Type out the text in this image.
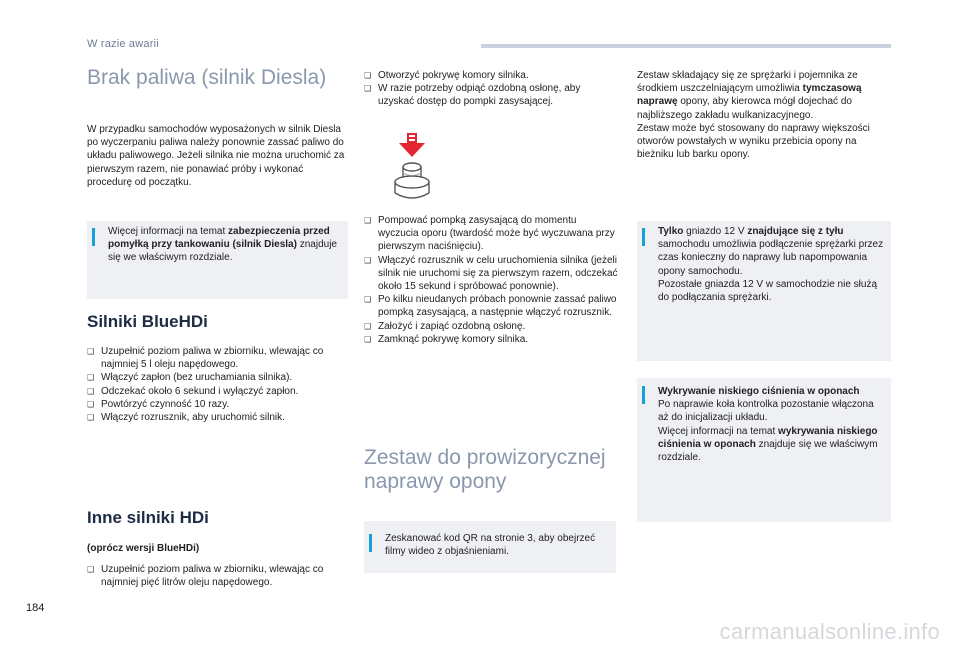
W razie awarii
Brak paliwa (silnik Diesla)
W przypadku samochodów wyposażonych w silnik Diesla po wyczerpaniu paliwa należy ponownie zassać paliwo do układu paliwowego. Jeżeli silnika nie można uruchomić za pierwszym razem, nie ponawiać próby i wykonać procedurę od początku.
Więcej informacji na temat zabezpieczenia przed pomyłką przy tankowaniu (silnik Diesla) znajduje się we właściwym rozdziale.
Silniki BlueHDi
❑ Uzupełnić poziom paliwa w zbiorniku, wlewając co najmniej 5 l oleju napędowego.
❑ Włączyć zapłon (bez uruchamiania silnika).
❑ Odczekać około 6 sekund i wyłączyć zapłon.
❑ Powtórzyć czynność 10 razy.
❑ Włączyć rozrusznik, aby uruchomić silnik.
Inne silniki HDi
(oprócz wersji BlueHDi)
❑ Uzupełnić poziom paliwa w zbiorniku, wlewając co najmniej pięć litrów oleju napędowego.
❑ Otworzyć pokrywę komory silnika.
❑ W razie potrzeby odpiąć ozdobną osłonę, aby uzyskać dostęp do pompki zasysającej.
❑ Pompować pompką zasysającą do momentu wyczucia oporu (twardość może być wyczuwana przy pierwszym naciśnięciu).
❑ Włączyć rozrusznik w celu uruchomienia silnika (jeżeli silnik nie uruchomi się za pierwszym razem, odczekać około 15 sekund i spróbować ponownie).
❑ Po kilku nieudanych próbach ponownie zassać paliwo pompką zasysającą, a następnie włączyć rozrusznik.
❑ Założyć i zapiąć ozdobną osłonę.
❑ Zamknąć pokrywę komory silnika.
Zestaw do prowizorycznej naprawy opony
Zeskanować kod QR na stronie 3, aby obejrzeć filmy wideo z objaśnieniami.
Zestaw składający się ze sprężarki i pojemnika ze środkiem uszczelniającym umożliwia tymczasową naprawę opony, aby kierowca mógł dojechać do najbliższego zakładu wulkanizacyjnego.
Zestaw może być stosowany do naprawy większości otworów powstałych w wyniku przebicia opony na bieżniku lub barku opony.
Tylko gniazdo 12 V znajdujące się z tyłu samochodu umożliwia podłączenie sprężarki przez czas konieczny do naprawy lub napompowania opony samochodu.
Pozostałe gniazda 12 V w samochodzie nie służą do podłączania sprężarki.
Wykrywanie niskiego ciśnienia w oponach
Po naprawie koła kontrolka pozostanie włączona aż do inicjalizacji układu.
Więcej informacji na temat wykrywania niskiego ciśnienia w oponach znajduje się we właściwym rozdziale.
184
carmanualsonline.info
